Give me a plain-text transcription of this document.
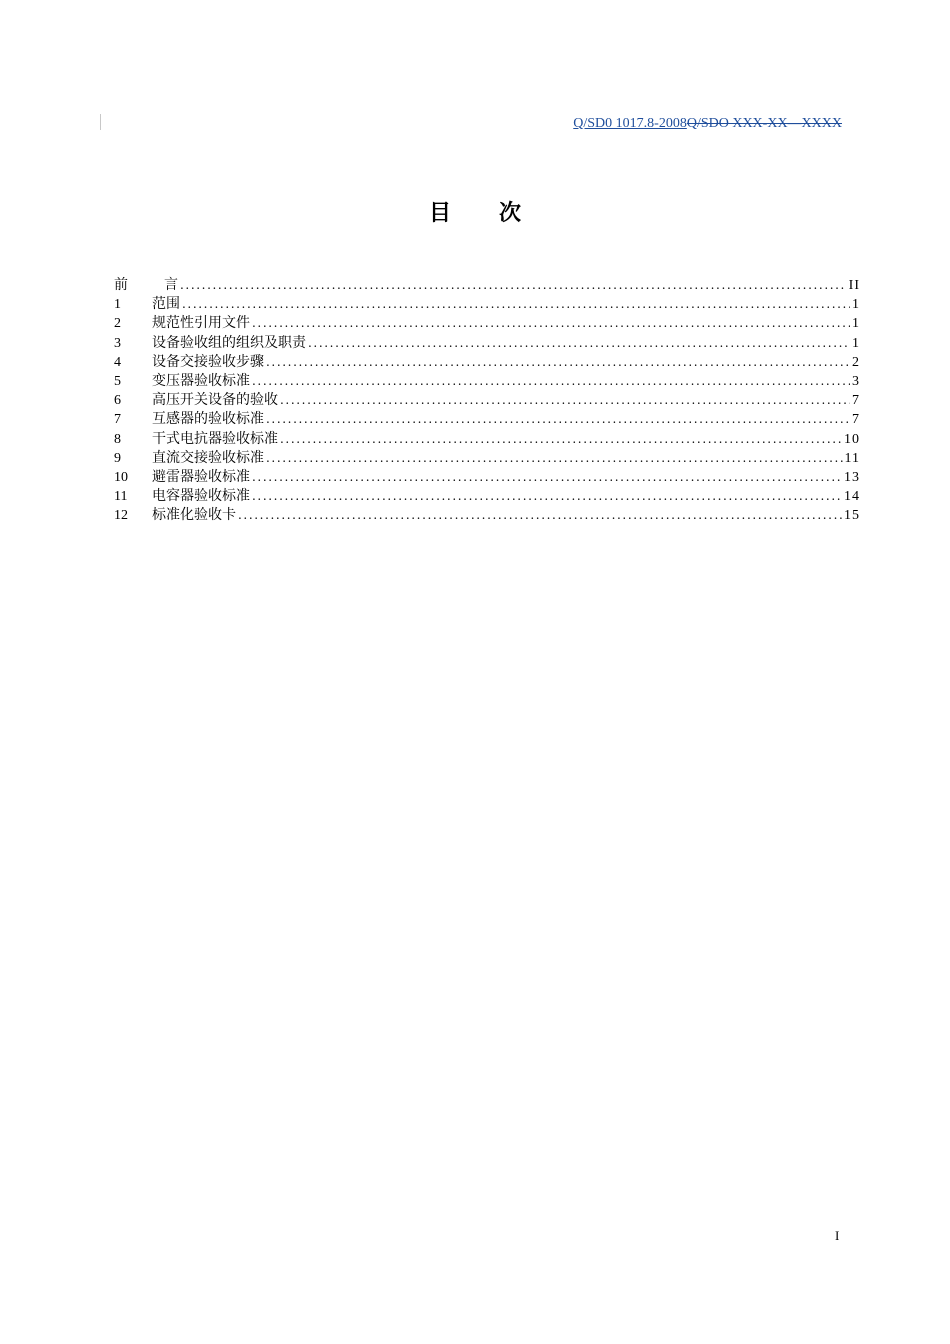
Q/SD0 1017.8-2008Q/SDO XXX-XX—XXXX
目 次
前	言 .....	II
1	范围 .....	1
2	规范性引用文件 .....	1
3	设备验收组的组织及职责 .....	1
4	设备交接验收步骤 .....	2
5	变压器验收标准 .....	3
6	高压开关设备的验收 .....	7
7	互感器的验收标准 .....	7
8	干式电抗器验收标准 .....	10
9	直流交接验收标准 .....	11
10	避雷器验收标准 .....	13
11	电容器验收标准 .....	14
12	标准化验收卡 .....	15
I
